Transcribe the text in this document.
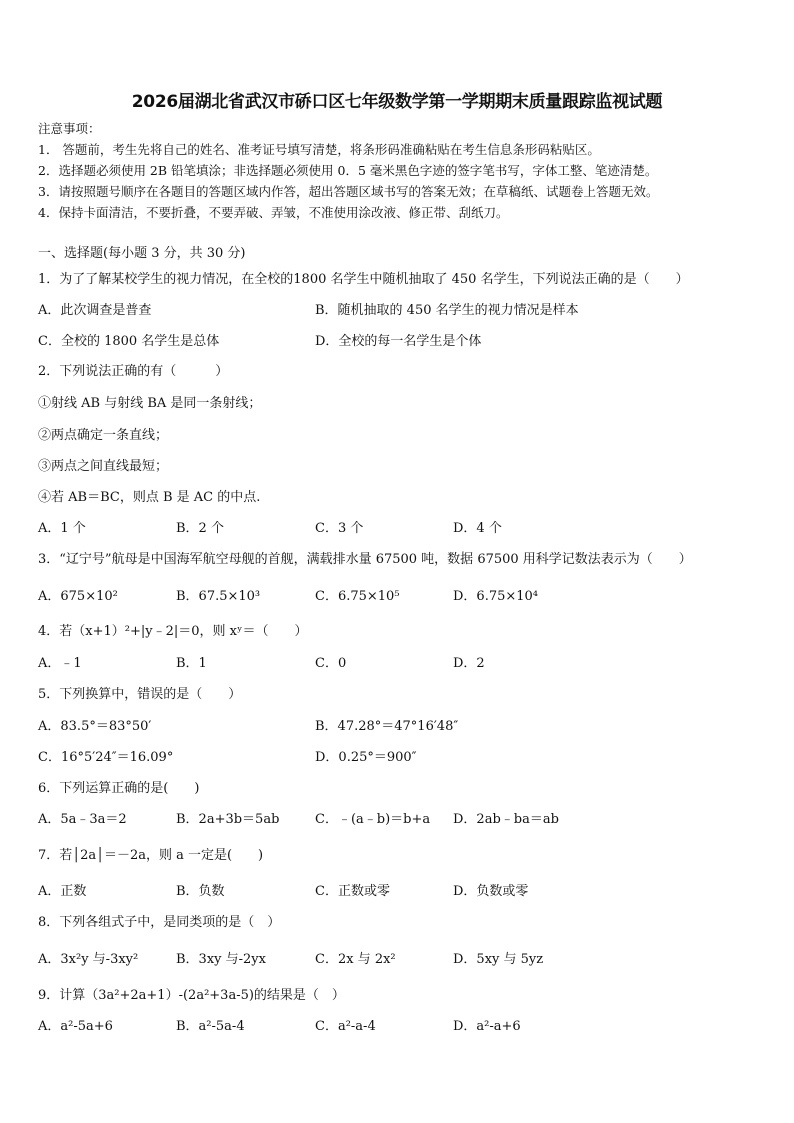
2026届湖北省武汉市硚口区七年级数学第一学期期末质量跟踪监视试题
注意事项：
1． 答题前，考生先将自己的姓名、准考证号填写清楚，将条形码准确粘贴在考生信息条形码粘贴区。
2．选择题必须使用 2B 铅笔填涂；非选择题必须使用 0．5 毫米黑色字迹的签字笔书写，字体工整、笔迹清楚。
3．请按照题号顺序在各题目的答题区域内作答，超出答题区域书写的答案无效；在草稿纸、试题卷上答题无效。
4．保持卡面清洁，不要折叠，不要弄破、弄皱，不准使用涂改液、修正带、刮纸刀。
一、选择题(每小题 3 分，共 30 分)
1．为了了解某校学生的视力情况，在全校的1800 名学生中随机抽取了 450 名学生，下列说法正确的是（　　）
A．此次调查是普查	B．随机抽取的 450 名学生的视力情况是样本
C．全校的 1800 名学生是总体	D．全校的每一名学生是个体
2．下列说法正确的有（　　　）
①射线 AB 与射线 BA 是同一条射线；
②两点确定一条直线；
③两点之间直线最短；
④若 AB＝BC，则点 B 是 AC 的中点.
A．1 个	B．2 个	C．3 个	D．4 个
3．“辽宁号”航母是中国海军航空母舰的首舰，满载排水量 67500 吨，数据 67500 用科学记数法表示为（　　）
A．675×10²	B．67.5×10³	C．6.75×10⁵	D．6.75×10⁴
4．若（x+1）²+|y﹣2|＝0，则 xʸ＝（　　）
A．﹣1	B．1	C．0	D．2
5．下列换算中，错误的是（　　）
A．83.5°＝83°50′	B．47.28°＝47°16′48″
C．16°5′24″＝16.09°	D．0.25°＝900″
6．下列运算正确的是(　　)
A．5a﹣3a＝2	B．2a+3b＝5ab	C．﹣(a﹣b)＝b+a D．2ab﹣ba＝ab
7．若│2a│＝－2a，则 a 一定是(　　)
A．正数	B．负数	C．正数或零	D．负数或零
8．下列各组式子中，是同类项的是（　）
A．3x²y 与-3xy²	B．3xy 与-2yx	C．2x 与 2x²	D．5xy 与 5yz
9．计算（3a²+2a+1）-(2a²+3a-5)的结果是（　）
A．a²-5a+6	B．a²-5a-4	C．a²-a-4	D．a²-a+6
